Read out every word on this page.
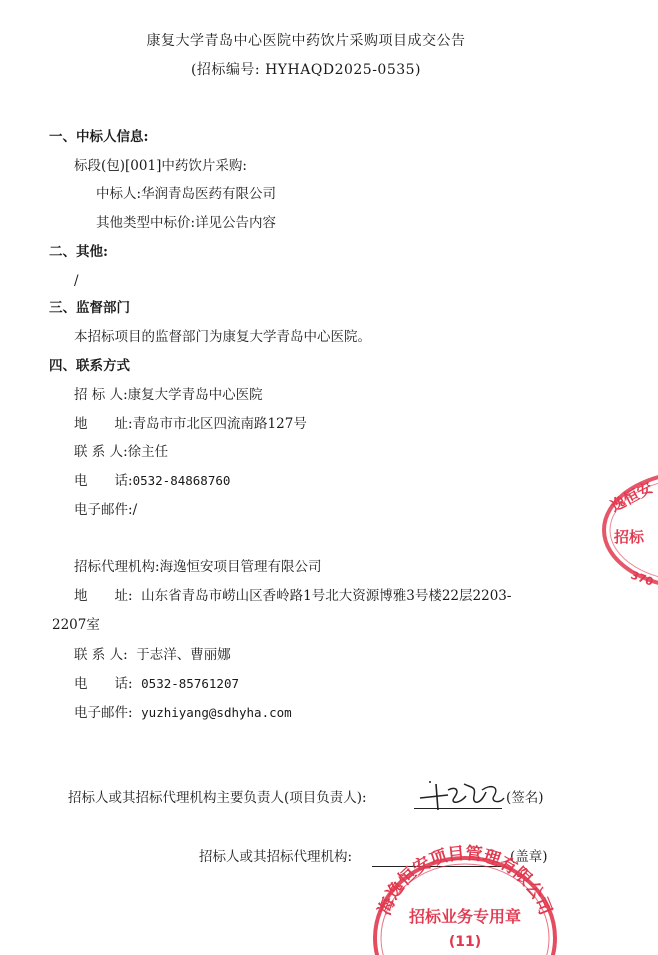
康复大学青岛中心医院中药饮片采购项目成交公告
(招标编号: HYHAQD2025-0535)
一、中标人信息:
标段(包)[001]中药饮片采购:
中标人:华润青岛医药有限公司
其他类型中标价:详见公告内容
二、其他:
/
三、监督部门
本招标项目的监督部门为康复大学青岛中心医院。
四、联系方式
招 标 人:康复大学青岛中心医院
地　　址:青岛市市北区四流南路127号
联 系 人:徐主任
电　　话:0532-84868760
电子邮件:/
招标代理机构:海逸恒安项目管理有限公司
地　　址: 山东省青岛市崂山区香岭路1号北大资源博雅3号楼22层2203-
2207室
联 系 人: 于志洋、曹丽娜
电　　话: 0532-85761207
电子邮件: yuzhiyang@sdhyha.com
招标人或其招标代理机构主要负责人(项目负责人):	(签名)
招标人或其招标代理机构:	(盖章)
海逸恒安项目管理有限公司
招标业务专用章
(11)
逸恒安
招标
370
